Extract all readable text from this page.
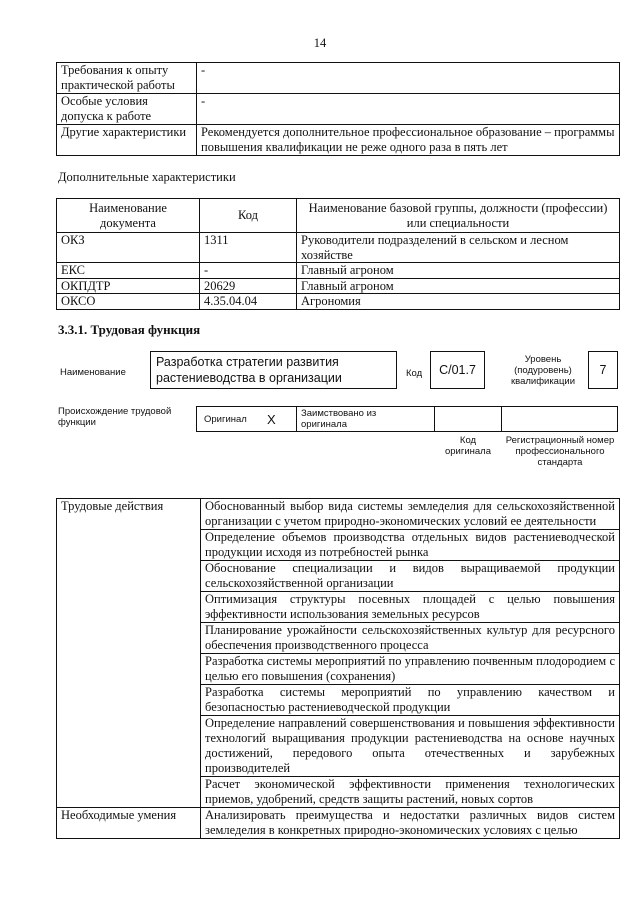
14
Требования к опыту практической работы	-
Особые условия допуска к работе	-
Другие характеристики	Рекомендуется дополнительное профессиональное образование – программы повышения квалификации не реже одного раза в пять лет
Дополнительные характеристики
Наименование документа	Код	Наименование базовой группы, должности (профессии) или специальности
ОКЗ	1311	Руководители подразделений в сельском и лесном хозяйстве
ЕКС	-	Главный агроном
ОКПДТР	20629	Главный агроном
ОКСО	4.35.04.04	Агрономия
3.3.1. Трудовая функция
Наименование
Разработка стратегии развития растениеводства в организации	Код	C/01.7
Уровень (подуровень) квалификации
7
Происхождение трудовой функции	Оригинал X	Заимствовано из оригинала
Код оригинала
Регистрационный номер профессионального стандарта
Трудовые действия	Обоснованный выбор вида системы земледелия для сельскохозяйственной организации с учетом природно-экономических условий ее деятельности
	Определение объемов производства отдельных видов растениеводческой продукции исходя из потребностей рынка
	Обоснование специализации и видов выращиваемой продукции сельскохозяйственной организации
	Оптимизация структуры посевных площадей с целью повышения эффективности использования земельных ресурсов
	Планирование урожайности сельскохозяйственных культур для ресурсного обеспечения производственного процесса
	Разработка системы мероприятий по управлению почвенным плодородием с целью его повышения (сохранения)
	Разработка системы мероприятий по управлению качеством и безопасностью растениеводческой продукции
	Определение направлений совершенствования и повышения эффективности технологий выращивания продукции растениеводства на основе научных достижений, передового опыта отечественных и зарубежных производителей
	Расчет экономической эффективности применения технологических приемов, удобрений, средств защиты растений, новых сортов
Необходимые умения	Анализировать преимущества и недостатки различных видов систем земледелия в конкретных природно-экономических условиях с целью
